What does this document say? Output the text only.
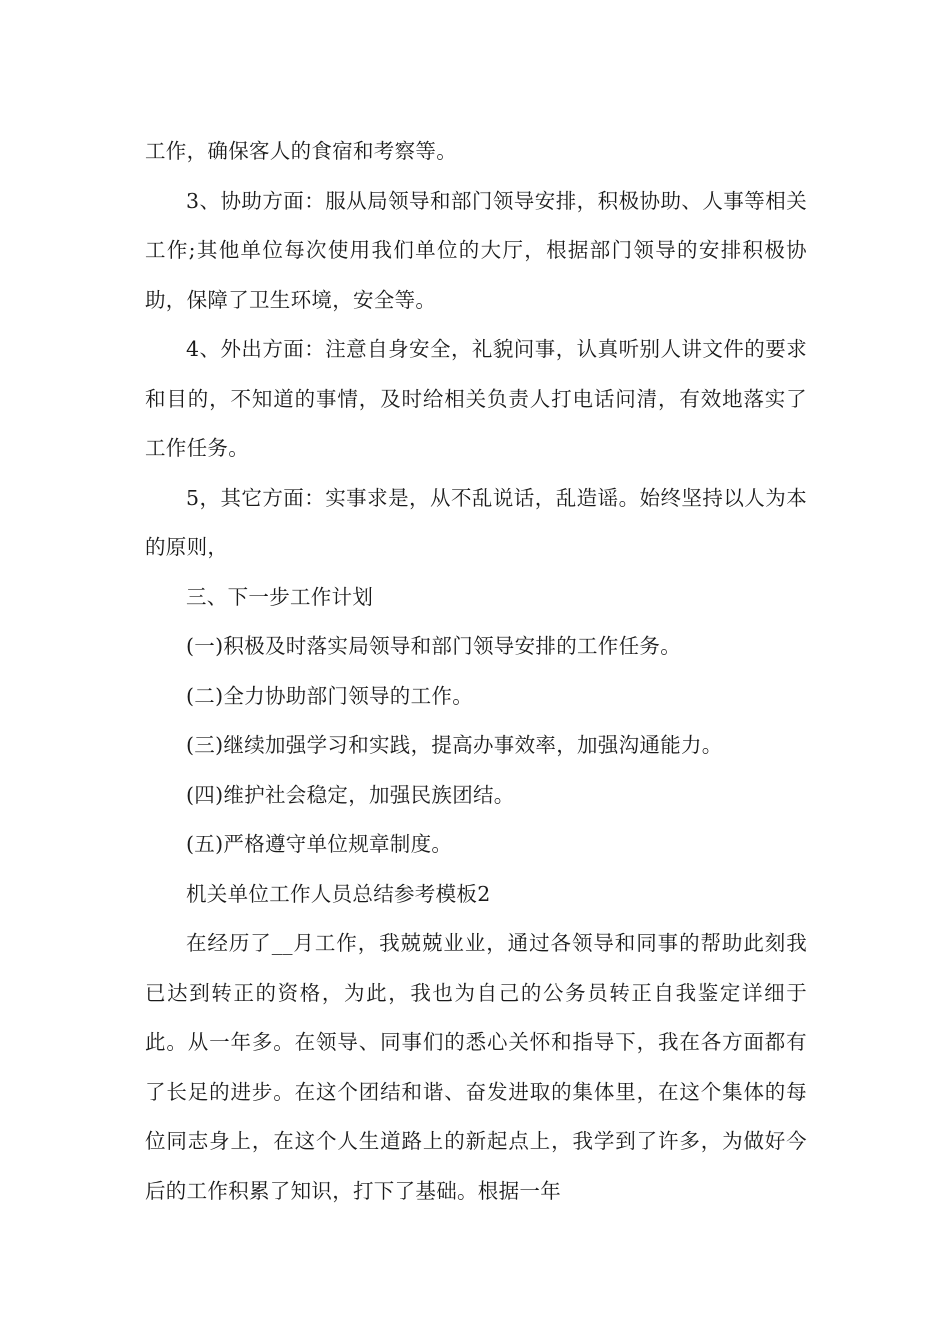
工作，确保客人的食宿和考察等。

3、协助方面：服从局领导和部门领导安排，积极协助、人事等相关工作;其他单位每次使用我们单位的大厅，根据部门领导的安排积极协助，保障了卫生环境，安全等。

4、外出方面：注意自身安全，礼貌问事，认真听别人讲文件的要求和目的，不知道的事情，及时给相关负责人打电话问清，有效地落实了工作任务。

5，其它方面：实事求是，从不乱说话，乱造谣。始终坚持以人为本的原则，

三、下一步工作计划

(一)积极及时落实局领导和部门领导安排的工作任务。

(二)全力协助部门领导的工作。

(三)继续加强学习和实践，提高办事效率，加强沟通能力。

(四)维护社会稳定，加强民族团结。

(五)严格遵守单位规章制度。

机关单位工作人员总结参考模板2

在经历了__月工作，我兢兢业业，通过各领导和同事的帮助此刻我已达到转正的资格，为此，我也为自己的公务员转正自我鉴定详细于此。从一年多。在领导、同事们的悉心关怀和指导下，我在各方面都有了长足的进步。在这个团结和谐、奋发进取的集体里，在这个集体的每位同志身上，在这个人生道路上的新起点上，我学到了许多，为做好今后的工作积累了知识，打下了基础。根据一年
